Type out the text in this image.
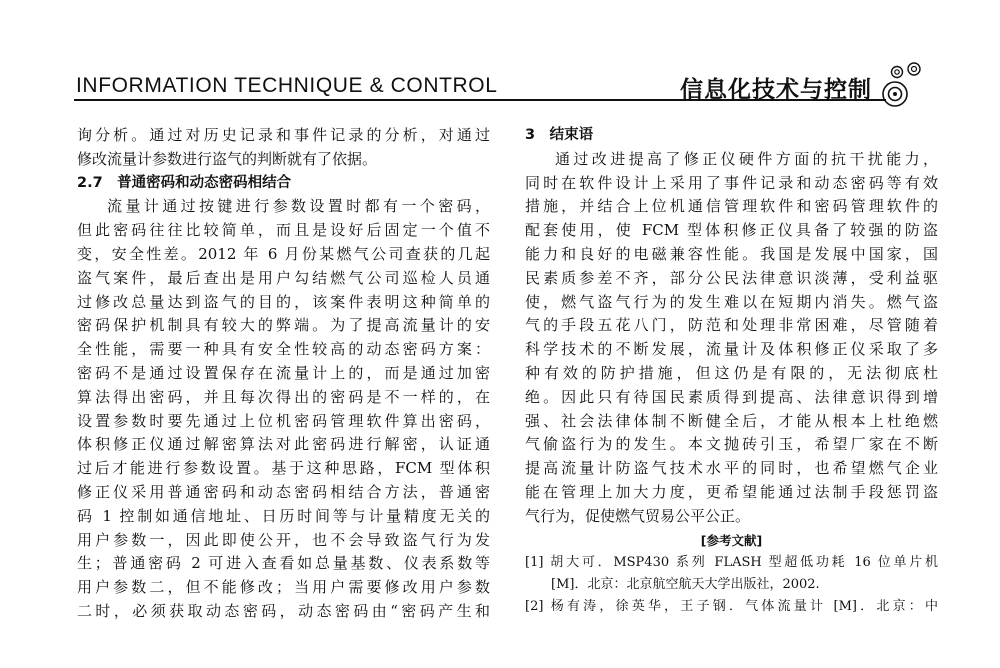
INFORMATION TECHNIQUE & CONTROL	信息化技术与控制
询分析。通过对历史记录和事件记录的分析，对通过
修改流量计参数进行盗气的判断就有了依据。
2.7　普通密码和动态密码相结合
流量计通过按键进行参数设置时都有一个密码，
但此密码往往比较简单，而且是设好后固定一个值不
变，安全性差。2012 年 6 月份某燃气公司查获的几起
盗气案件，最后查出是用户勾结燃气公司巡检人员通
过修改总量达到盗气的目的，该案件表明这种简单的
密码保护机制具有较大的弊端。为了提高流量计的安
全性能，需要一种具有安全性较高的动态密码方案：
密码不是通过设置保存在流量计上的，而是通过加密
算法得出密码，并且每次得出的密码是不一样的，在
设置参数时要先通过上位机密码管理软件算出密码，
体积修正仪通过解密算法对此密码进行解密，认证通
过后才能进行参数设置。基于这种思路，FCM 型体积
修正仪采用普通密码和动态密码相结合方法，普通密
码 1 控制如通信地址、日历时间等与计量精度无关的
用户参数一，因此即使公开，也不会导致盗气行为发
生；普通密码 2 可进入查看如总量基数、仪表系数等
用户参数二，但不能修改；当用户需要修改用户参数
二时，必须获取动态密码，动态密码由“密码产生和
3　结束语
通过改进提高了修正仪硬件方面的抗干扰能力，
同时在软件设计上采用了事件记录和动态密码等有效
措施，并结合上位机通信管理软件和密码管理软件的
配套使用，使 FCM 型体积修正仪具备了较强的防盗
能力和良好的电磁兼容性能。我国是发展中国家，国
民素质参差不齐，部分公民法律意识淡薄，受利益驱
使，燃气盗气行为的发生难以在短期内消失。燃气盗
气的手段五花八门，防范和处理非常困难，尽管随着
科学技术的不断发展，流量计及体积修正仪采取了多
种有效的防护措施，但这仍是有限的，无法彻底杜
绝。因此只有待国民素质得到提高、法律意识得到增
强、社会法律体制不断健全后，才能从根本上杜绝燃
气偷盗行为的发生。本文抛砖引玉，希望厂家在不断
提高流量计防盗气技术水平的同时，也希望燃气企业
能在管理上加大力度，更希望能通过法制手段惩罚盗
气行为，促使燃气贸易公平公正。
[参考文献]
[1] 胡大可．MSP430 系列 FLASH 型超低功耗 16 位单片机
[M]．北京：北京航空航天大学出版社，2002.
[2] 杨有涛，徐英华，王子钢．气体流量计 [M]．北京：中
